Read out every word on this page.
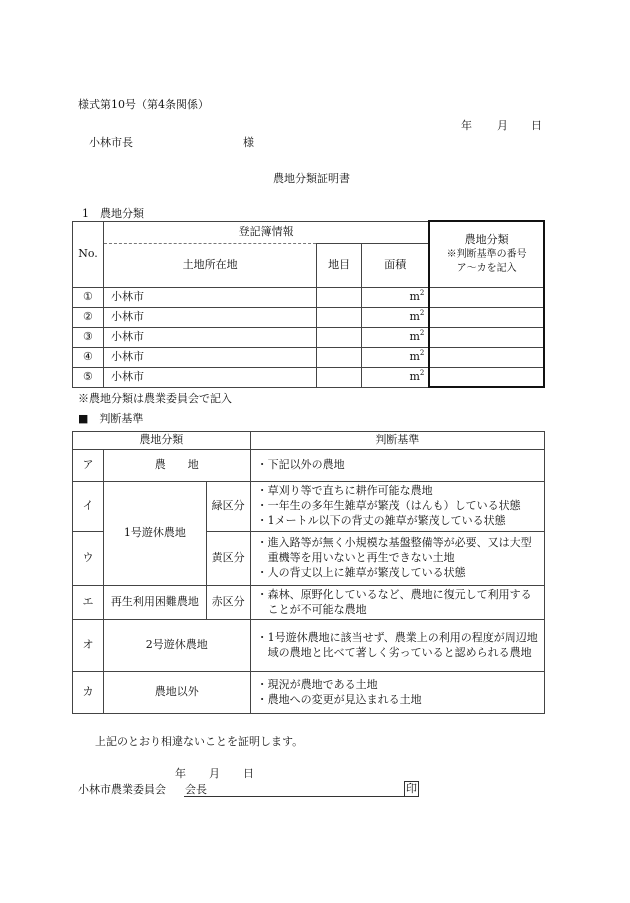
様式第10号（第4条関係）
年 月 日
小林市長	様
農地分類証明書
1　農地分類
No.	登記簿情報			農地分類
※判断基準の番号
ア～カを記入

	土地所在地	地目	面積	
①	小林市		m2	
②	小林市		m2	
③	小林市		m2	
④	小林市		m2	
⑤	小林市		m2	
※農地分類は農業委員会で記入
■　判断基準
農地分類			判断基準
ア	農　　地		・下記以外の農地

イ	1号遊休農地	緑区分	・草刈り等で直ちに耕作可能な農地
・一年生の多年生雑草が繁茂（はんも）している状態
・1メートル以下の背丈の雑草が繁茂している状態

ウ		黄区分	・進入路等が無く小規模な基盤整備等が必要、又は大型重機等を用いないと再生できない土地
・人の背丈以上に雑草が繁茂している状態

エ	再生利用困難農地	赤区分	・森林、原野化しているなど、農地に復元して利用することが不可能な農地

オ	2号遊休農地		・1号遊休農地に該当せず、農業上の利用の程度が周辺地域の農地と比べて著しく劣っていると認められる農地

カ	農地以外		・現況が農地である土地
・農地への変更が見込まれる土地
上記のとおり相違ないことを証明します。
年 月 日
小林市農業委員会 会長	印
